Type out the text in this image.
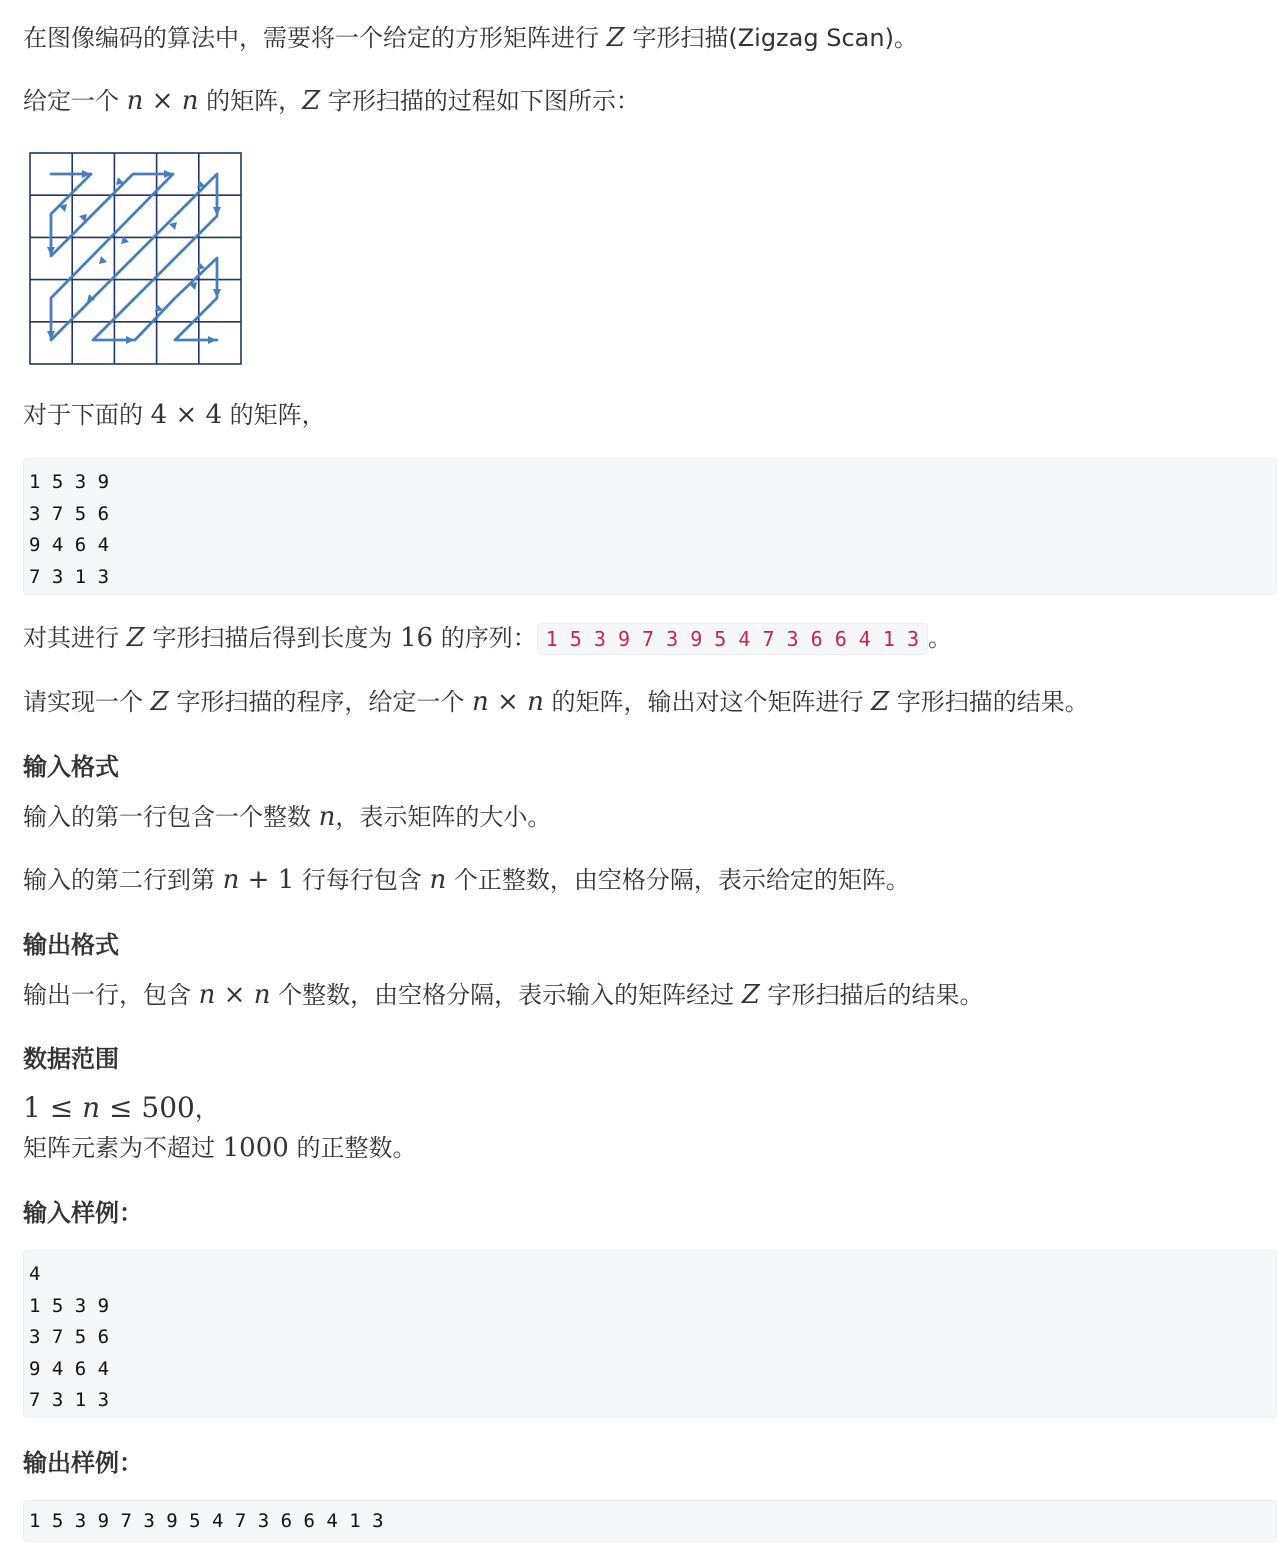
在图像编码的算法中，需要将一个给定的方形矩阵进行 Z 字形扫描(Zigzag Scan)。

给定一个 n × n 的矩阵，Z 字形扫描的过程如下图所示：

对于下面的 4 × 4 的矩阵，

1 5 3 9
3 7 5 6
9 4 6 4
7 3 1 3

对其进行 Z 字形扫描后得到长度为 16 的序列： 1 5 3 9 7 3 9 5 4 7 3 6 6 4 1 3 。

请实现一个 Z 字形扫描的程序，给定一个 n × n 的矩阵，输出对这个矩阵进行 Z 字形扫描的结果。

输入格式

输入的第一行包含一个整数 n，表示矩阵的大小。

输入的第二行到第 n + 1 行每行包含 n 个正整数，由空格分隔，表示给定的矩阵。

输出格式

输出一行，包含 n × n 个整数，由空格分隔，表示输入的矩阵经过 Z 字形扫描后的结果。

数据范围

1 ≤ n ≤ 500，

矩阵元素为不超过 1000 的正整数。

输入样例：
4
1 5 3 9
3 7 5 6
9 4 6 4
7 3 1 3
输出样例：
1 5 3 9 7 3 9 5 4 7 3 6 6 4 1 3
